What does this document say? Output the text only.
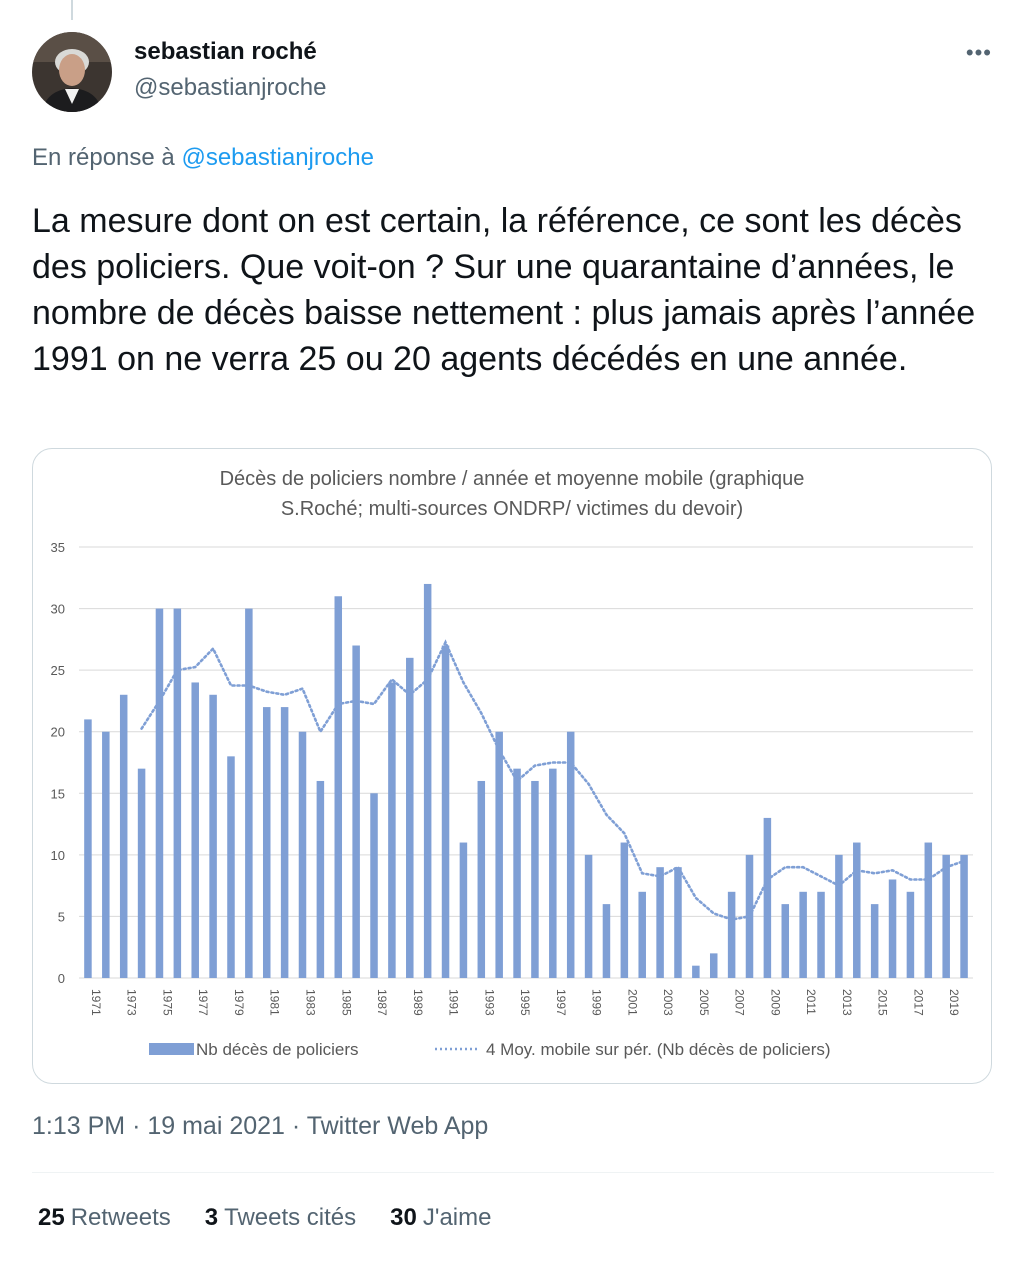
sebastian roché
@sebastianjroche
•••
En réponse à @sebastianjroche
La mesure dont on est certain, la référence, ce sont les décès des policiers. Que voit-on ? Sur une quarantaine d’années, le nombre de décès baisse nettement : plus jamais après l’année 1991 on ne verra 25 ou 20 agents décédés en une année.
Décès de policiers nombre / année et moyenne mobile (graphique
S.Roché; multi-sources ONDRP/ victimes du devoir)
0
5
10
15
20
25
30
35
1971 1973 1975 1977 1979 1981 1983 1985 1987 1989 1991 1993 1995 1997 1999 2001 2003 2005 2007 2009 2011 2013 2015 2017 2019
Nb décès de policiers	4 Moy. mobile sur pér. (Nb décès de policiers)
1:13 PM · 19 mai 2021 · Twitter Web App
25 Retweets 3 Tweets cités 30 J'aime
